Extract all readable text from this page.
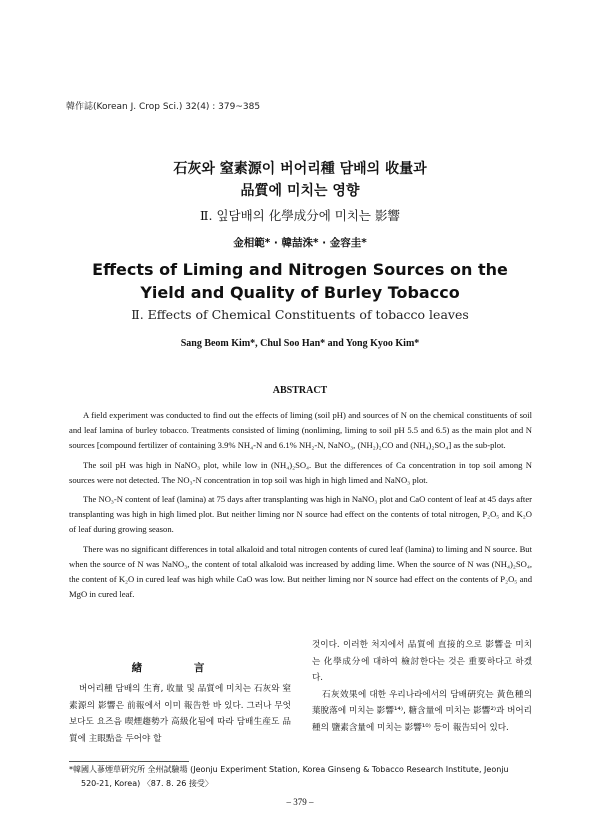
韓作誌(Korean J. Crop Sci.) 32(4) : 379~385
石灰와 窒素源이 버어리種 담배의 收量과
品質에 미치는 영향
Ⅱ. 잎담배의 化學成分에 미치는 影響
金相範* · 韓喆洙* · 金容圭*
Effects of Liming and Nitrogen Sources on the
Yield and Quality of Burley Tobacco
Ⅱ. Effects of Chemical Constituents of tobacco leaves
Sang Beom Kim*, Chul Soo Han* and Yong Kyoo Kim*
ABSTRACT

A field experiment was conducted to find out the effects of liming (soil pH) and sources of N on the chemical constituents of soil and leaf lamina of burley tobacco. Treatments consisted of liming (nonliming, liming to soil pH 5.5 and 6.5) as the main plot and N sources [compound fertilizer of containing 3.9% NH₄-N and 6.1% NH₂-N, NaNO₃, (NH₂)₂CO and (NH₄)₂SO₄] as the sub-plot.

The soil pH was high in NaNO₃ plot, while low in (NH₄)₂SO₄. But the differences of Ca concentration in top soil among N sources were not detected. The NO₃-N concentration in top soil was high in high limed and NaNO₃ plot.

The NO₃-N content of leaf (lamina) at 75 days after transplanting was high in NaNO₃ plot and CaO content of leaf at 45 days after transplanting was high in high limed plot. But neither liming nor N source had effect on the contents of total nitrogen, P₂O₅ and K₂O of leaf during growing season.

There was no significant differences in total alkaloid and total nitrogen contents of cured leaf (lamina) to liming and N source. But when the source of N was NaNO₃, the content of total alkaloid was increased by adding lime. When the source of N was (NH₄)₂SO₄, the content of K₂O in cured leaf was high while CaO was low. But neither liming nor N source had effect on the contents of P₂O₅ and MgO in cured leaf.

緖 言

버어리種 담배의 生育, 收量 및 品質에 미치는 石灰와 窒素源의 影響은 前報에서 이미 報告한 바 있다. 그러나 무엇보다도 요즈음 喫煙趨勢가 高級化됨에 따라 담배生産도 品質에 主眼點을 두어야 할

것이다. 이러한 처지에서 品質에 直接的으로 影響을 미치는 化學成分에 대하여 檢討한다는 것은 重要하다고 하겠다.

石灰效果에 대한 우리나라에서의 담배硏究는 黃色種의 葉脫落에 미치는 影響¹⁴⁾, 糖含量에 미치는 影響²⁾과 버어리種의 鹽素含量에 미치는 影響¹⁰⁾ 등이 報告되어 있다.

*韓國人蔘煙草硏究所 全州試驗場 (Jeonju Experiment Station, Korea Ginseng & Tobacco Research Institute, Jeonju
520-21, Korea) 〈87. 8. 26 接受〉
– 379 –
